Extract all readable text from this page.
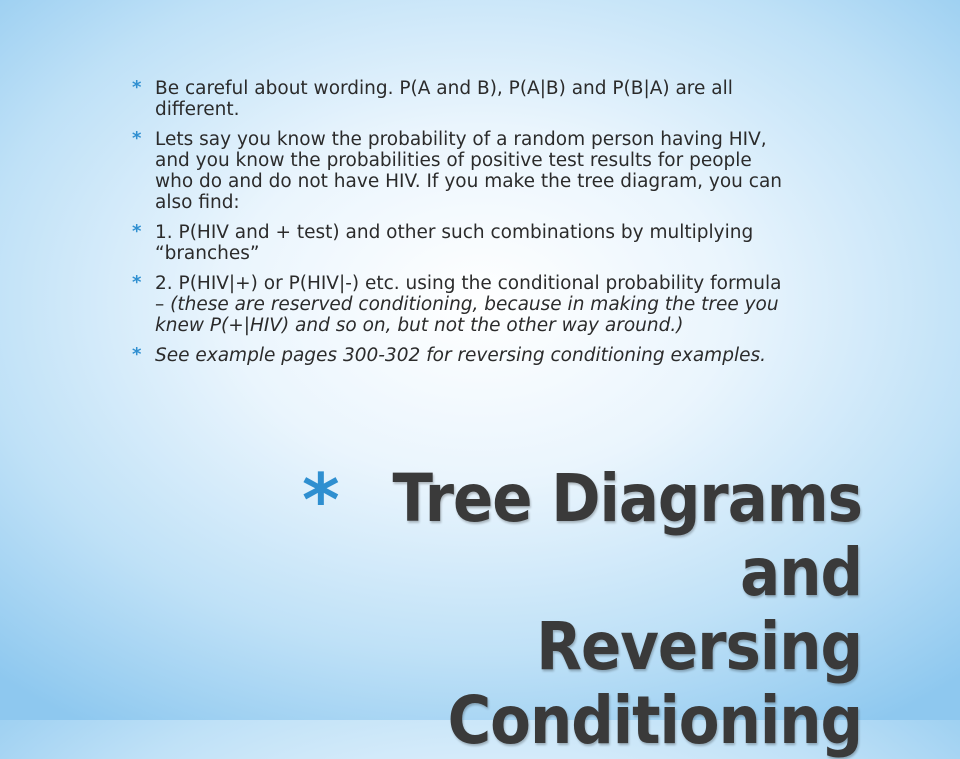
* Be careful about wording. P(A and B), P(A|B) and P(B|A) are all different.
* Lets say you know the probability of a random person having HIV, and you know the probabilities of positive test results for people who do and do not have HIV. If you make the tree diagram, you can also find:
* 1. P(HIV and + test) and other such combinations by multiplying “branches”
* 2. P(HIV|+) or P(HIV|-) etc. using the conditional probability formula – (these are reserved conditioning, because in making the tree you knew P(+|HIV) and so on, but not the other way around.)
* See example pages 300-302 for reversing conditioning examples.
* Tree Diagrams and
Reversing
Conditioning
